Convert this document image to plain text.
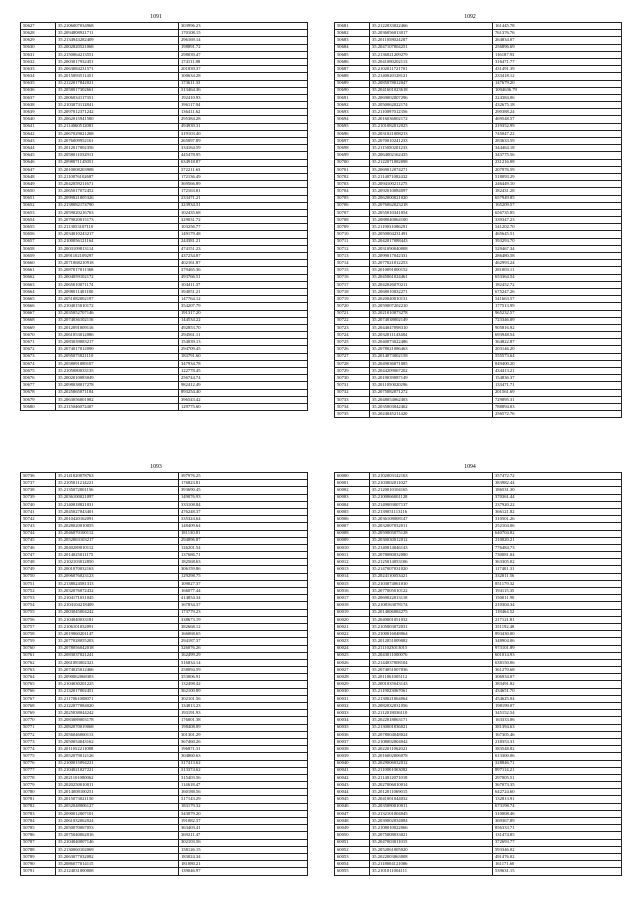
1091
50627	35.2106007034968	303996.23
50628	35.2094808921711	170108.15
50629	35.2134943282409	296169.14
50630	35.2002820521068	198891.72
50631	35.2150064213551	298039.47
50632	35.2003017932451	174111.88
50633	35.2063084231571	201839.37
50634	35.2015093511451	100634.28
50635	35.2122017842021	173611.33
50636	35.2058017302661	313464.36
50637	35.2006034117351	192410.93
50638	35.2103073112841	196117.94
50639	35.2097012371242	136411.62
50640	35.2062015941580	295384.28
50641	35.2114060512081	494939.31
50642	35.2067029021268	319103.40
50643	35.2076009952161	265097.89
50644	35.2012017002356	334164.59
50645	35.2058011032911	445478.95
50646	35.2098071145051	634918.87
50647	35.2010008203908	372211.63
50648	35.2110076102687	172136.49
50649	35.2042059211671	369566.89
50650	35.2065017072452	172163.81
50651	35.2099021005326	233471.21
50652	35.2138082174790	323934.31
50653	35.2059020216763	102435.68
50654	35.2079020015173	329031.72
50655	35.2113053107110	103256.77
50656	35.2034010243217	149179.48
50657	35.2100056121164	244381.21
50658	35.2003109813114	474151.23
50659	35.2091102109297	437234.87
50660	35.2071068210918	402161.87
50661	35.2087017011368	379465.36
50662	35.2004059102172	493766.51
50663	35.2065010071174	104411.37
50664	35.2098011401180	394051.21
50665	35.2051082002197	147764.12
50666	35.2104015010172	354207.79
50667	35.2035052707146	191317.20
50668	35.2074036102116	144534.22
50669	35.2012091009116	492853.70
50670	35.2061053012086	294561.11
50671	35.2083039083217	154039.13
50672	35.2074017012090	294709.45
50673	35.2095075021110	183791.60
50674	35.2058091089107	347934.78
50675	35.2105080033135	122778.45
50676	35.2002010083049	256744.74
50677	35.2098038017278	982412.49
50678	35.2025065071184	893254.40
50679	35.2063056001082	396543.42
50680	35.2115046072407	129775.60
1092
50681	35.2122033022466	161445.78
50682	35.2036056013017	761376.76
50683	35.2011058024287	264834.07
50684	35.2047107004251	256896.69
50685	35.2136021209279	116187.93
50686	35.2041080202113	316471.77
50687	35.2102011721701	431491.39
50688	35.2140020128121	233418.12
50689	35.2085078012047	147679.20
50690	35.2041601023618	1004636.79
50691	35.2069002007296	224384.06
50692	35.2050062022174	432675.18
50693	35.2110097012356	290388.24
50694	35.2016036002172	469548.57
50695	35.2101082012025	219352.99
50696	35.2031021008213	745047.22
50697	35.2070010241233	283633.59
50698	35.2115050201233	344464.18
50699	35.2064002162435	343775.56
50700	35.2122071082098	231216.08
50701	35.2069012074271	207976.59
50702	35.2114071082432	518093.29
50703	35.2094100211275	246449.10
50704	35.2092010084097	182431.28
50705	35.2062000021020	657949.85
50706	35.2076062023218	165209.57
50707	35.2055010341054	656735.85
50708	35.2088040064100	339347.23
50709	35.2119031086291	541202.70
50710	35.2050004231491	465645.51
50711	35.2042017088443	393293.70
50712	35.2031090040008	529467.34
50713	35.2099017042331	286480.58
50714	35.2077021012253	462993.24
50715	35.2010091000152	281003.11
50716	35.2045061024461	653364.54
50717	35.2042026070211	182452.72
50718	35.2068010032271	675247.26
50719	35.2020040010131	541663.57
50720	35.2059007202210	177513.99
50721	35.2021010073278	965232.57
50722	35.2074038002149	723346.09
50723	35.2044047098310	905816.92
50724	35.2032011143484	693948.54
50725	35.2040073022486	364822.87
50726	35.2078021086463	203146.20
50727	35.2014073002158	555573.64
50728	35.2049036071085	849400.20
50729	35.2044209067202	434413.21
50730	35.2019039087149	154836.37
50731	35.2011050020296	133471.71
50732	35.2075082071272	201561.69
50733	35.2048054062403	729895.31
50734	35.2035003042462	788894.03
50735	35.2024045211420	256572.76
1093
50736	35.2141020078763	397976.25
50737	35.2105011214221	176823.81
50738	35.2135072001156	393690.45
50739	35.2036100021097	149076.93
50740	35.2140018821031	333108.84
50741	35.2045027043401	476248.37
50742	35.2010420162091	335324.64
50743	35.2028020010055	148409.64
50744	35.2046070100112	181130.81
50745	35.2052063103217	294096.87
50746	35.2040289010112	126201.54
50747	35.2014025011175	137686.71
50748	35.2102103012850	182568.63
50749	35.2001070032163	306159.86
50750	35.2096076023123	129298.75
50751	35.2138024581313	109027.37
50752	35.2032076072432	166077.44
50753	35.2104171031045	414854.34
50754	35.2104104218409	167834.37
50755	35.2003045004242	173779.23
50756	35.2104040033181	338673.19
50757	35.2106101032091	382668.12
50758	35.2019060201147	166068.65
50759	35.2077028055203	294187.37
50760	35.2078056042018	326076.26
50761	35.2083037021241	162499.29
50762	35.2061083002321	316834.14
50763	35.2074025012466	258094.59
50764	35.2090062068303	353006.91
50765	35.2104030201225	132498.42
50766	35.2132017002451	362100.89
50767	35.2117061008071	302101.56
50768	35.2122077084020	134813.23
50769	35.2025038044242	193191.93
50770	35.2083089003178	176001.38
50771	35.2082070019068	198408.09
50772	35.2056046060113	301301.29
50773	35.2050054043162	367460.26
50774	35.2011052211088	196871.31
50775	35.2052079012126	304860.63
50776	35.2100015094221	317413.62
50777	35.2104021027221	313374.62
50778	35.2021101080062	315403.56
50779	35.2020250010011	114618.47
50780	35.2014008100251	160188.56
50781	35.2015073021150	317143.29
50782	35.2052048006127	183179.32
50783	35.2090012007101	343079.20
50784	35.2061032062024	191082.37
50785	35.2050070067053	363403.41
50786	35.2075040062016	369211.47
50787	35.2104040007146	302103.56
50788	35.2130060102069	158126.15
50789	35.2063077032082	183024.34
50790	35.2086077014115	181080.21
50791	35.2124031000008	139046.97
1094
60000	35.2102003142163	357472.72
60001	35.2103002011027	383982.44
60002	35.2120010104165	186531.30
60003	35.2100066001128	370361.44
60004	35.2149003007137	237920.22
60005	35.2139051113116	366121.82
60006	35.2036108008147	310501.26
60007	35.2032007032011	252104.06
60008	35.2059005075128	640704.82
60009	35.2030030012012	210020.21
60010	35.2140014046143	776484.73
60011	35.2078080032080	730081.04
60012	35.2125014053106	363305.02
60013	35.2147007031020	117401.31
60014	35.2024110053421	332011.56
60015	35.2103074061010	851179.32
60016	35.2077005010122	194115.35
60017	35.2069022013118	150011.90
60018	35.2108163078174	210304.34
60019	35.2014006084275	118464.52
60020	35.2040001051032	217121.81
60021	35.2105003072031	351192.48
60022	35.2100016048064	893430.00
60023	35.2012051009082	348904.06
60024	35.2111023013015	973101.89
60025	35.2043011000076	601014.93
60026	35.2144037008104	638150.06
60027	35.2074051007036	361270.68
60028	35.2011061005112	306934.07
60029	35.2001035043143	383491.82
60030	35.2119023067061	434651.70
60031	35.2130021064064	454625.04
60032	35.2082032031056	198199.07
60033	35.2112018036110	345152.54
60034	35.2022018063171	163333.06
60035	35.2130001036021	381394.63
60036	35.2078004048024	167305.46
60037	35.2108002004042	218353.31
60038	35.2022011062021	383548.82
60039	35.2016002006078	613300.06
60040	35.2029006032012	328846.71
60041	35.2110001063002	897114.21
60042	35.2114012071018	297005.51
60043	35.2027006010014	367073.35
60044	35.2012011069015	642724.60
60045	35.2041001044032	132813.91
60046	35.2035080010011	673198.74
60047	35.2132101004045	310008.46
60048	35.2039002034084	369367.89
60049	35.2108010022066	856333.71
60050	35.2075008033021	131474.85
60051	35.2047003011015	372693.77
60052	35.2052061005020	593346.02
60053	35.2022003063008	491476.02
60054	35.2118004121006	161171.60
60055	35.2101011004111	539631.15
